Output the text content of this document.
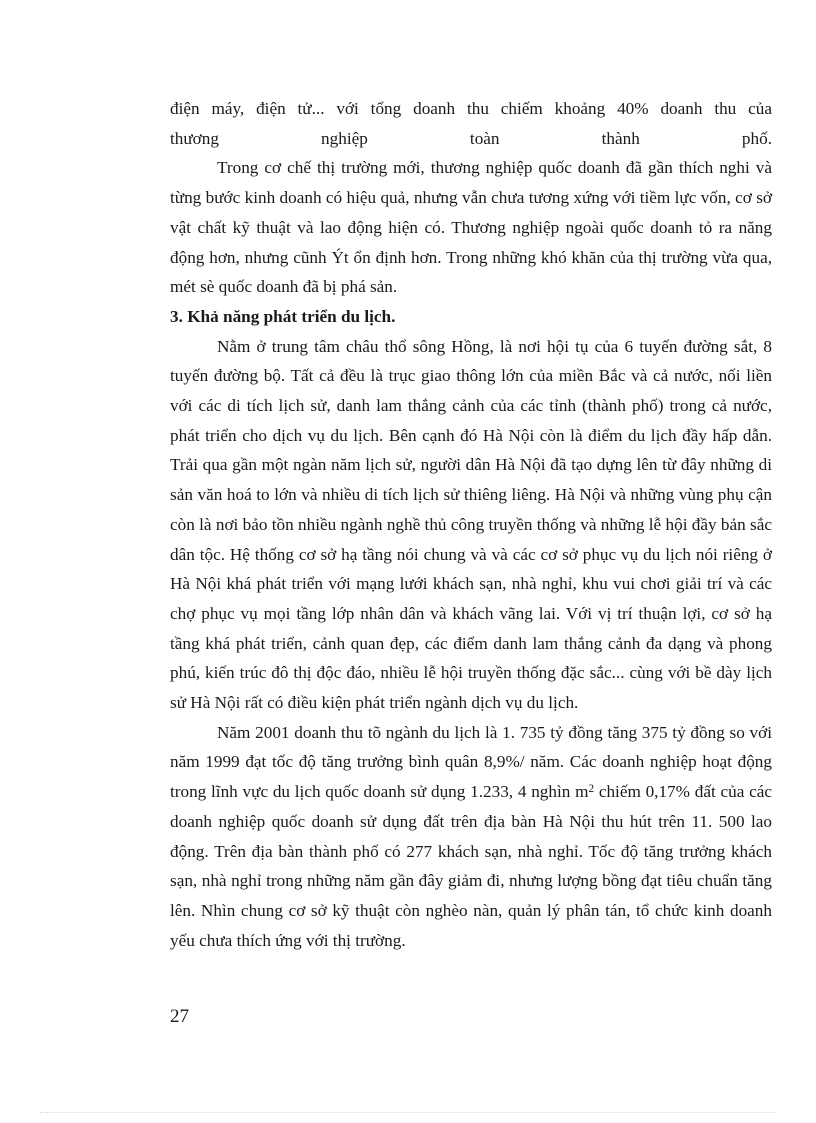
điện máy, điện tử... với tổng doanh thu chiếm khoảng 40% doanh thu của

thương nghiệp toàn thành phố.

Trong cơ chế thị trường mới, thương nghiệp quốc doanh đã gần thích nghi và từng bước kinh doanh có hiệu quả, nhưng vẫn chưa tương xứng với tiềm lực vốn, cơ sở vật chất kỹ thuật và lao động hiện có. Thương nghiệp ngoài quốc doanh tỏ ra năng động hơn, nhưng cũnh Ýt ổn định hơn. Trong những khó khăn của thị trường vừa qua, mét sè quốc doanh đã bị phá sản.

3. Khả năng phát triển du lịch.

Nằm ở trung tâm châu thổ sông Hồng, là nơi hội tụ của 6 tuyến đường sắt, 8 tuyến đường bộ. Tất cả đều là trục giao thông lớn của miền Bắc và cả nước, nối liền với các di tích lịch sử, danh lam thắng cảnh của các tỉnh (thành phố) trong cả nước, phát triển cho dịch vụ du lịch. Bên cạnh đó Hà Nội còn là điểm du lịch đầy hấp dẫn. Trải qua gần một ngàn năm lịch sử, người dân Hà Nội đã tạo dựng lên từ đây những di sản văn hoá to lớn và nhiều di tích lịch sử thiêng liêng. Hà Nội và những vùng phụ cận còn là nơi bảo tồn nhiều ngành nghề thủ công truyền thống và những lễ hội đầy bản sắc dân tộc. Hệ thống cơ sở hạ tầng nói chung và và các cơ sở phục vụ du lịch nói riêng ở Hà Nội khá phát triển với mạng lưới khách sạn, nhà nghỉ, khu vui chơi giải trí và các chợ phục vụ mọi tầng lớp nhân dân và khách vãng lai. Với vị trí thuận lợi, cơ sở hạ tầng khá phát triển, cảnh quan đẹp, các điểm danh lam thắng cảnh đa dạng và phong phú, kiến trúc đô thị độc đáo, nhiều lễ hội truyền thống đặc sắc... cùng với bề dày lịch sử Hà Nội rất có điều kiện phát triển ngành dịch vụ du lịch.

Năm 2001 doanh thu tõ ngành du lịch là 1. 735 tỷ đồng tăng 375 tỷ đồng so với năm 1999 đạt tốc độ tăng trưởng bình quân 8,9%/ năm. Các doanh nghiệp hoạt động trong lĩnh vực du lịch quốc doanh sử dụng 1.233, 4 nghìn $m^2$ chiếm 0,17% đất của các doanh nghiệp quốc doanh sử dụng đất trên địa bàn Hà Nội thu hút trên 11. 500 lao động. Trên địa bàn thành phố có 277 khách sạn, nhà nghỉ. Tốc độ tăng trưởng khách sạn, nhà nghỉ trong những năm gần đây giảm đi, nhưng lượng bồng đạt tiêu chuẩn tăng lên. Nhìn chung cơ sở kỹ thuật còn nghèo nàn, quản lý phân tán, tổ chức kinh doanh yếu chưa thích ứng với thị trường.

27
